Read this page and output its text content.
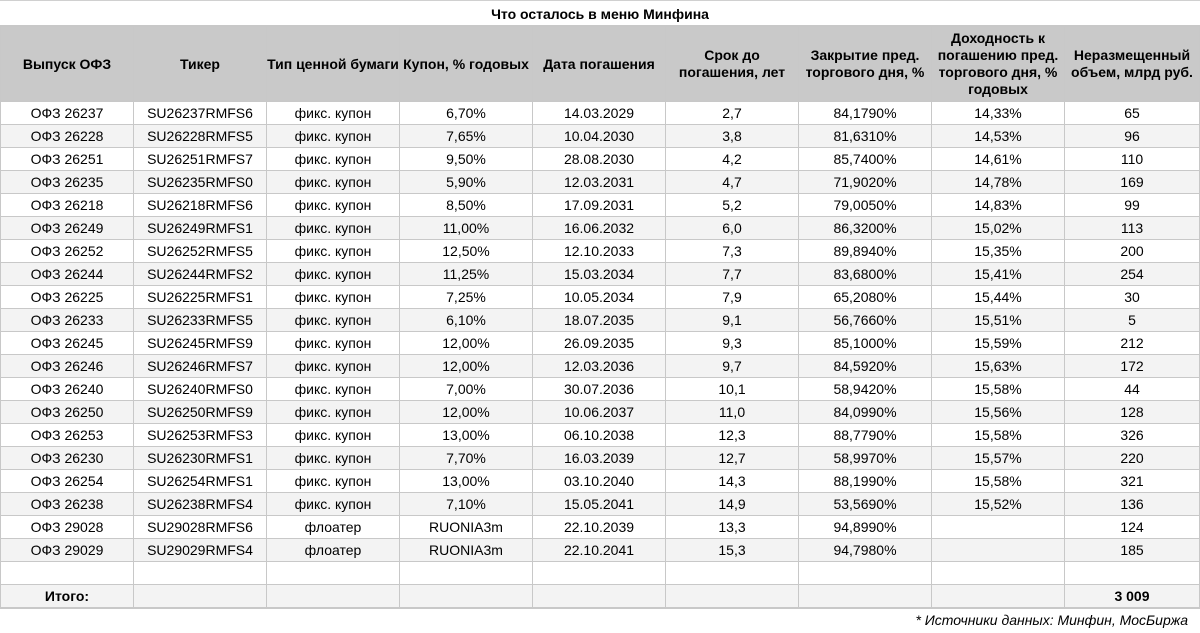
Что осталось в меню Минфина
Выпуск ОФЗ	Тикер	Тип ценной бумаги	Купон, % годовых	Дата погашения	Срок до погашения, лет	Закрытие пред. торгового дня, %	Доходность к погашению пред. торгового дня, % годовых	Неразмещенный объем, млрд руб.
ОФЗ 26237	SU26237RMFS6	фикс. купон	6,70%	14.03.2029	2,7	84,1790%	14,33%	65
ОФЗ 26228	SU26228RMFS5	фикс. купон	7,65%	10.04.2030	3,8	81,6310%	14,53%	96
ОФЗ 26251	SU26251RMFS7	фикс. купон	9,50%	28.08.2030	4,2	85,7400%	14,61%	110
ОФЗ 26235	SU26235RMFS0	фикс. купон	5,90%	12.03.2031	4,7	71,9020%	14,78%	169
ОФЗ 26218	SU26218RMFS6	фикс. купон	8,50%	17.09.2031	5,2	79,0050%	14,83%	99
ОФЗ 26249	SU26249RMFS1	фикс. купон	11,00%	16.06.2032	6,0	86,3200%	15,02%	113
ОФЗ 26252	SU26252RMFS5	фикс. купон	12,50%	12.10.2033	7,3	89,8940%	15,35%	200
ОФЗ 26244	SU26244RMFS2	фикс. купон	11,25%	15.03.2034	7,7	83,6800%	15,41%	254
ОФЗ 26225	SU26225RMFS1	фикс. купон	7,25%	10.05.2034	7,9	65,2080%	15,44%	30
ОФЗ 26233	SU26233RMFS5	фикс. купон	6,10%	18.07.2035	9,1	56,7660%	15,51%	5
ОФЗ 26245	SU26245RMFS9	фикс. купон	12,00%	26.09.2035	9,3	85,1000%	15,59%	212
ОФЗ 26246	SU26246RMFS7	фикс. купон	12,00%	12.03.2036	9,7	84,5920%	15,63%	172
ОФЗ 26240	SU26240RMFS0	фикс. купон	7,00%	30.07.2036	10,1	58,9420%	15,58%	44
ОФЗ 26250	SU26250RMFS9	фикс. купон	12,00%	10.06.2037	11,0	84,0990%	15,56%	128
ОФЗ 26253	SU26253RMFS3	фикс. купон	13,00%	06.10.2038	12,3	88,7790%	15,58%	326
ОФЗ 26230	SU26230RMFS1	фикс. купон	7,70%	16.03.2039	12,7	58,9970%	15,57%	220
ОФЗ 26254	SU26254RMFS1	фикс. купон	13,00%	03.10.2040	14,3	88,1990%	15,58%	321
ОФЗ 26238	SU26238RMFS4	фикс. купон	7,10%	15.05.2041	14,9	53,5690%	15,52%	136
ОФЗ 29028	SU29028RMFS6	флоатер	RUONIA3m	22.10.2039	13,3	94,8990%		124
ОФЗ 29029	SU29029RMFS4	флоатер	RUONIA3m	22.10.2041	15,3	94,7980%		185

Итого:								3 009
* Источники данных: Минфин, МосБиржа
